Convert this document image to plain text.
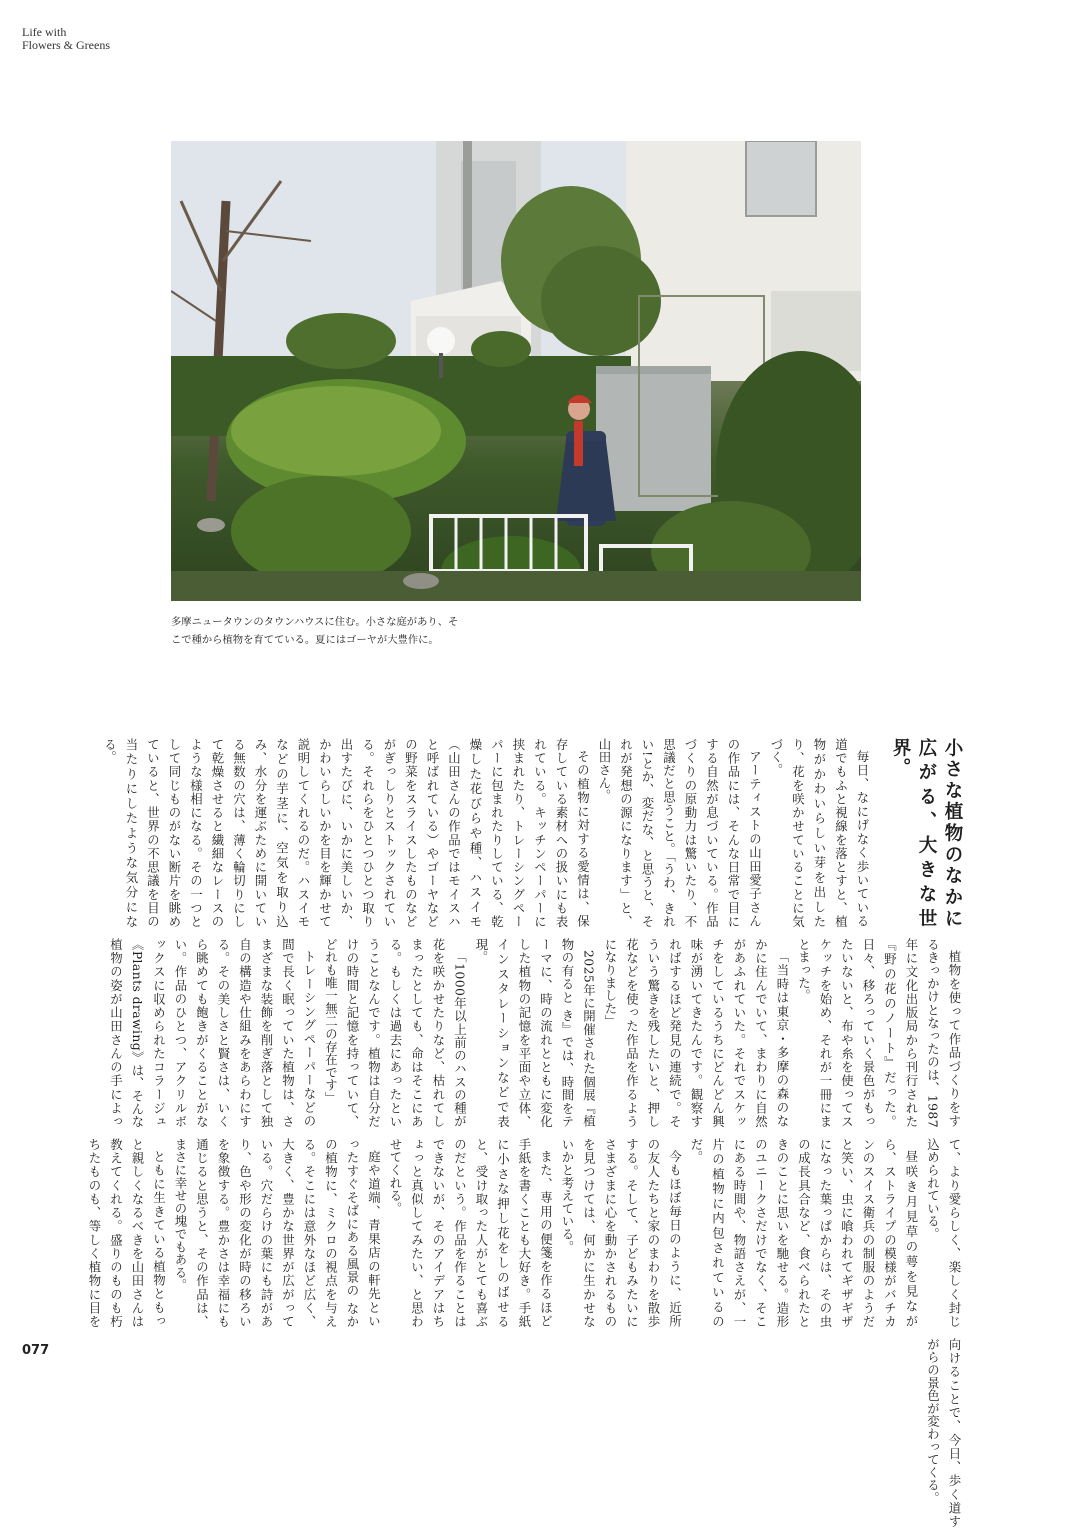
Life with
Flowers & Greens
多摩ニュータウンのタウンハウスに住む。小さな庭があり、そ
こで種から植物を育てている。夏にはゴーヤが大豊作に。
小さな植物のなかに広がる、大きな世界。

毎日、なにげなく歩いている道でもふと視線を落とすと、植物がかわいらしい芽を出したり、花を咲かせていることに気づく。

アーティストの山田愛子さんの作品には、そんな日常で目にする自然が息づいている。作品づくりの原動力は驚いたり、不思議だと思うこと。「うわ、きれい!とか、変だな、と思うと、それが発想の源になります」と、山田さん。

その植物に対する愛情は、保存している素材への扱いにも表れている。キッチンペーパーに挟まれたり、トレーシングペーパーに包まれたりしている、乾燥した花びらや種、ハスイモ（山田さんの作品ではモイスハと呼ばれている）やゴーヤなどの野菜をスライスしたものなどがぎっしりとストックされている。それらをひとつひとつ取り出すたびに、いかに美しいか、かわいらしいかを目を輝かせて説明してくれるのだ。ハスイモなどの芋茎に、空気を取り込み、水分を運ぶために開いている無数の穴は、薄く輪切りにして乾燥させると繊細なレースのような様相になる。その一つとして同じものがない断片を眺めていると、世界の不思議を目の当たりにしたような気分になる。

植物を使って作品づくりをするきっかけとなったのは、1987年に文化出版局から刊行された『野の花のノート』だった。日々、移ろっていく景色がもったいないと、布や糸を使ってスケッチを始め、それが一冊にまとまった。

「当時は東京・多摩の森のなかに住んでいて、まわりに自然があふれていた。それでスケッチをしているうちにどんどん興味が湧いてきたんです。観察すればするほど発見の連続で。そういう驚きを残したいと、押し花などを使った作品を作るようになりました」

2025年に開催された個展『植物の有ると き』では、時間をテーマに、時の流れとともに変化した植物の記憶を平面や立体、インスタレーションなどで表現。

「1000年以上前のハスの種が花を咲かせたりなど、枯れてしまったとしても、命はそこにある。もしくは過去にあったということなんです。植物は自分だけの時間と記憶を持っていて、どれも唯一無二の存在です」

トレーシングペーパーなどの間で長く眠っていた植物は、さまざまな装飾を削ぎ落として独自の構造や仕組みをあらわにする。その美しさと賢さは、いくら眺めても飽きがくることがない。作品のひとつ、アクリルボックスに収められたコラージュ《Plants drawing》は、そんな植物の姿が山田さんの手によって、より愛らしく、楽しく封じ込められている。

昼咲き月見草の萼を見ながら、ストライプの模様がバチカンのスイス衛兵の制服のようだと笑い、虫に喰われてギザギザになった葉っぱからは、その虫の成長具合など、食べられたときのことに思いを馳せる。造形のユニークさだけでなく、そこにある時間や、物語さえが、一片の植物に内包されているのだ。

今もほぼ毎日のように、近所の友人たちと家のまわりを散歩する。そして、子どもみたいにさまざまに心を動かされるものを見つけては、何かに生かせないかと考えている。

また、専用の便箋を作るほど手紙を書くことも大好き。手紙に小さな押し花をしのばせると、受け取った人がとても喜ぶのだという。作品を作ることはできないが、そのアイデアはちょっと真似してみたい、と思わせてくれる。

庭や道端、青果店の軒先といったすぐそばにある風景の なかの植物に、ミクロの視点を与える。そこには意外なほど広く、大きく、豊かな世界が広がっている。穴だらけの葉にも詩があり、色や形の変化が時の移ろいを象徴する。豊かさは幸福にも通じると思うと、その作品は、まさに幸せの塊でもある。

ともに生きている植物ともっと親しくなるべきを山田さんは教えてくれる。盛りのものも朽ちたものも、等しく植物に目を向けることで、今日、歩く道すがらの景色が変わってくる。

077
